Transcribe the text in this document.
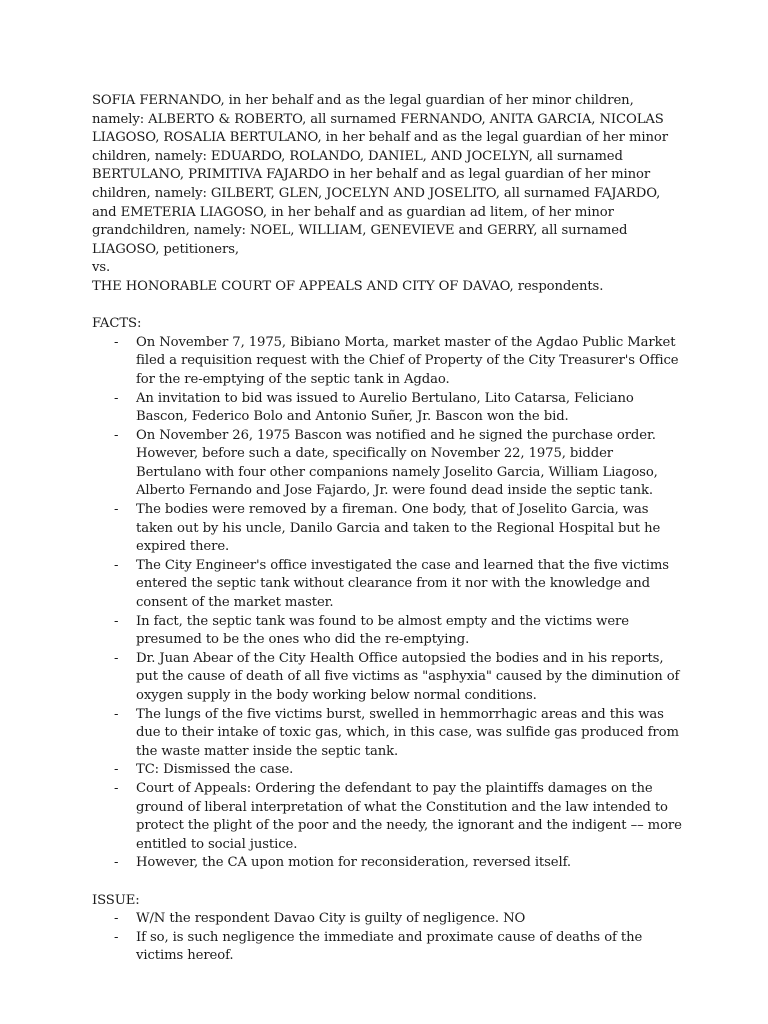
SOFIA FERNANDO, in her behalf and as the legal guardian of her minor children, namely: ALBERTO & ROBERTO, all surnamed FERNANDO, ANITA GARCIA, NICOLAS LIAGOSO, ROSALIA BERTULANO, in her behalf and as the legal guardian of her minor children, namely: EDUARDO, ROLANDO, DANIEL, AND JOCELYN, all surnamed BERTULANO, PRIMITIVA FAJARDO in her behalf and as legal guardian of her minor children, namely: GILBERT, GLEN, JOCELYN AND JOSELITO, all surnamed FAJARDO, and EMETERIA LIAGOSO, in her behalf and as guardian ad litem, of her minor grandchildren, namely: NOEL, WILLIAM, GENEVIEVE and GERRY, all surnamed LIAGOSO, petitioners,

vs.

THE HONORABLE COURT OF APPEALS AND CITY OF DAVAO, respondents.

FACTS:

- On November 7, 1975, Bibiano Morta, market master of the Agdao Public Market filed a requisition request with the Chief of Property of the City Treasurer's Office for the re-emptying of the septic tank in Agdao.
- An invitation to bid was issued to Aurelio Bertulano, Lito Catarsa, Feliciano Bascon, Federico Bolo and Antonio Suñer, Jr. Bascon won the bid.
- On November 26, 1975 Bascon was notified and he signed the purchase order. However, before such a date, specifically on November 22, 1975, bidder Bertulano with four other companions namely Joselito Garcia, William Liagoso, Alberto Fernando and Jose Fajardo, Jr. were found dead inside the septic tank.
- The bodies were removed by a fireman. One body, that of Joselito Garcia, was taken out by his uncle, Danilo Garcia and taken to the Regional Hospital but he expired there.
- The City Engineer's office investigated the case and learned that the five victims entered the septic tank without clearance from it nor with the knowledge and consent of the market master.
- In fact, the septic tank was found to be almost empty and the victims were presumed to be the ones who did the re-emptying.
- Dr. Juan Abear of the City Health Office autopsied the bodies and in his reports, put the cause of death of all five victims as "asphyxia" caused by the diminution of oxygen supply in the body working below normal conditions.
- The lungs of the five victims burst, swelled in hemmorrhagic areas and this was due to their intake of toxic gas, which, in this case, was sulfide gas produced from the waste matter inside the septic tank.
- TC: Dismissed the case.
- Court of Appeals: Ordering the defendant to pay the plaintiffs damages on the ground of liberal interpretation of what the Constitution and the law intended to protect the plight of the poor and the needy, the ignorant and the indigent –– more entitled to social justice.
- However, the CA upon motion for reconsideration, reversed itself.

ISSUE:

- W/N the respondent Davao City is guilty of negligence. NO
- If so, is such negligence the immediate and proximate cause of deaths of the victims hereof.
